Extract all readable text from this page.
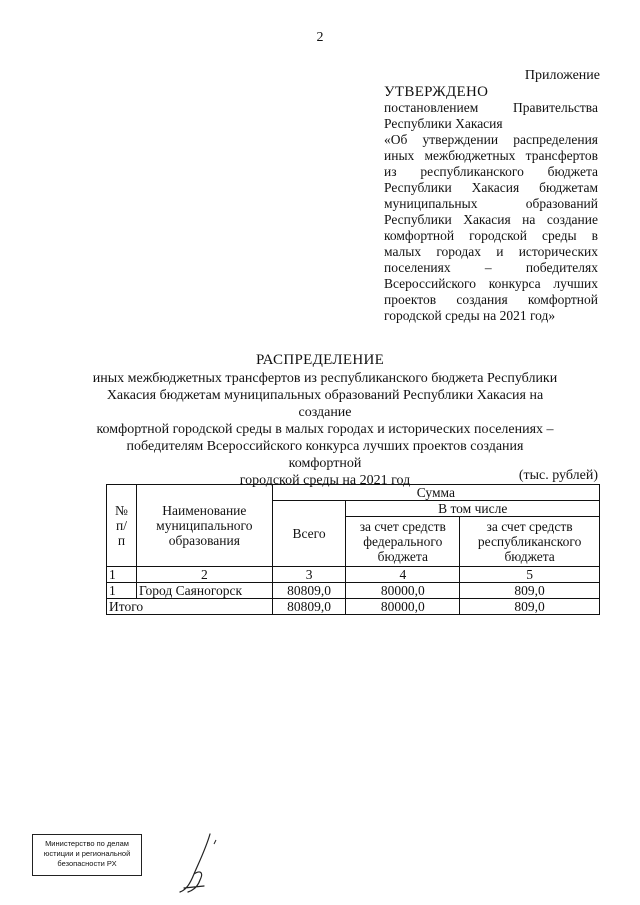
2
Приложение
УТВЕРЖДЕНО
постановлением Правительства
Республики Хакасия
«Об утверждении распределения
иных межбюджетных трансфертов
из республиканского бюджета
Республики Хакасия бюджетам
муниципальных образований
Республики Хакасия на создание
комфортной городской среды в
малых городах и исторических
поселениях – победителях
Всероссийского конкурса лучших
проектов создания комфортной
городской среды на 2021 год»
РАСПРЕДЕЛЕНИЕ
иных межбюджетных трансфертов из республиканского бюджета Республики
Хакасия бюджетам муниципальных образований Республики Хакасия на создание
комфортной городской среды в малых городах и исторических поселениях –
победителям Всероссийского конкурса лучших проектов создания комфортной
городской среды на 2021 год	(тыс. рублей)
№ п/п	Наименование муниципального образования	Сумма		
		Всего	В том числе	
			за счет средств федерального бюджета	за счет средств республиканского бюджета
1	2	3	4	5
1	Город Саяногорск	80809,0	80000,0	809,0
Итого		80809,0	80000,0	809,0
Министерство по делам
юстиции и региональной
безопасности РХ
